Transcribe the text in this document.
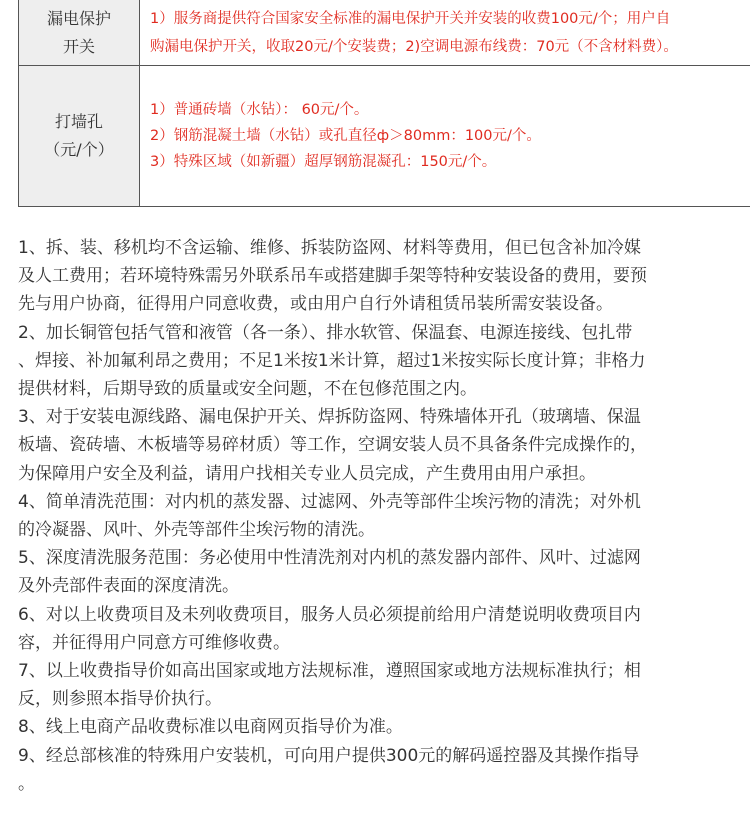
漏电保护
开关	1）服务商提供符合国家安全标准的漏电保护开关并安装的收费100元/个；用户自
购漏电保护开关，收取20元/个安装费；2)空调电源布线费：70元（不含材料费）。

打墙孔
（元/个）	1）普通砖墙（水钻）： 60元/个。
2）钢筋混凝土墙（水钻）或孔直径ф＞80mm：100元/个。
3）特殊区域（如新疆）超厚钢筋混凝孔：150元/个。
1、拆、装、移机均不含运输、维修、拆装防盗网、材料等费用，但已包含补加冷媒
及人工费用；若环境特殊需另外联系吊车或搭建脚手架等特种安装设备的费用，要预
先与用户协商，征得用户同意收费，或由用户自行外请租赁吊装所需安装设备。
2、加长铜管包括气管和液管（各一条）、排水软管、保温套、电源连接线、包扎带
、焊接、补加氟利昂之费用；不足1米按1米计算，超过1米按实际长度计算；非格力
提供材料，后期导致的质量或安全问题，不在包修范围之内。
3、对于安装电源线路、漏电保护开关、焊拆防盗网、特殊墙体开孔（玻璃墙、保温
板墙、瓷砖墙、木板墙等易碎材质）等工作，空调安装人员不具备条件完成操作的，
为保障用户安全及利益，请用户找相关专业人员完成，产生费用由用户承担。
4、简单清洗范围：对内机的蒸发器、过滤网、外壳等部件尘埃污物的清洗；对外机
的冷凝器、风叶、外壳等部件尘埃污物的清洗。
5、深度清洗服务范围：务必使用中性清洗剂对内机的蒸发器内部件、风叶、过滤网
及外壳部件表面的深度清洗。
6、对以上收费项目及未列收费项目，服务人员必须提前给用户清楚说明收费项目内
容，并征得用户同意方可维修收费。
7、以上收费指导价如高出国家或地方法规标准，遵照国家或地方法规标准执行；相
反，则参照本指导价执行。
8、线上电商产品收费标准以电商网页指导价为准。
9、经总部核准的特殊用户安装机，可向用户提供300元的解码遥控器及其操作指导
。
